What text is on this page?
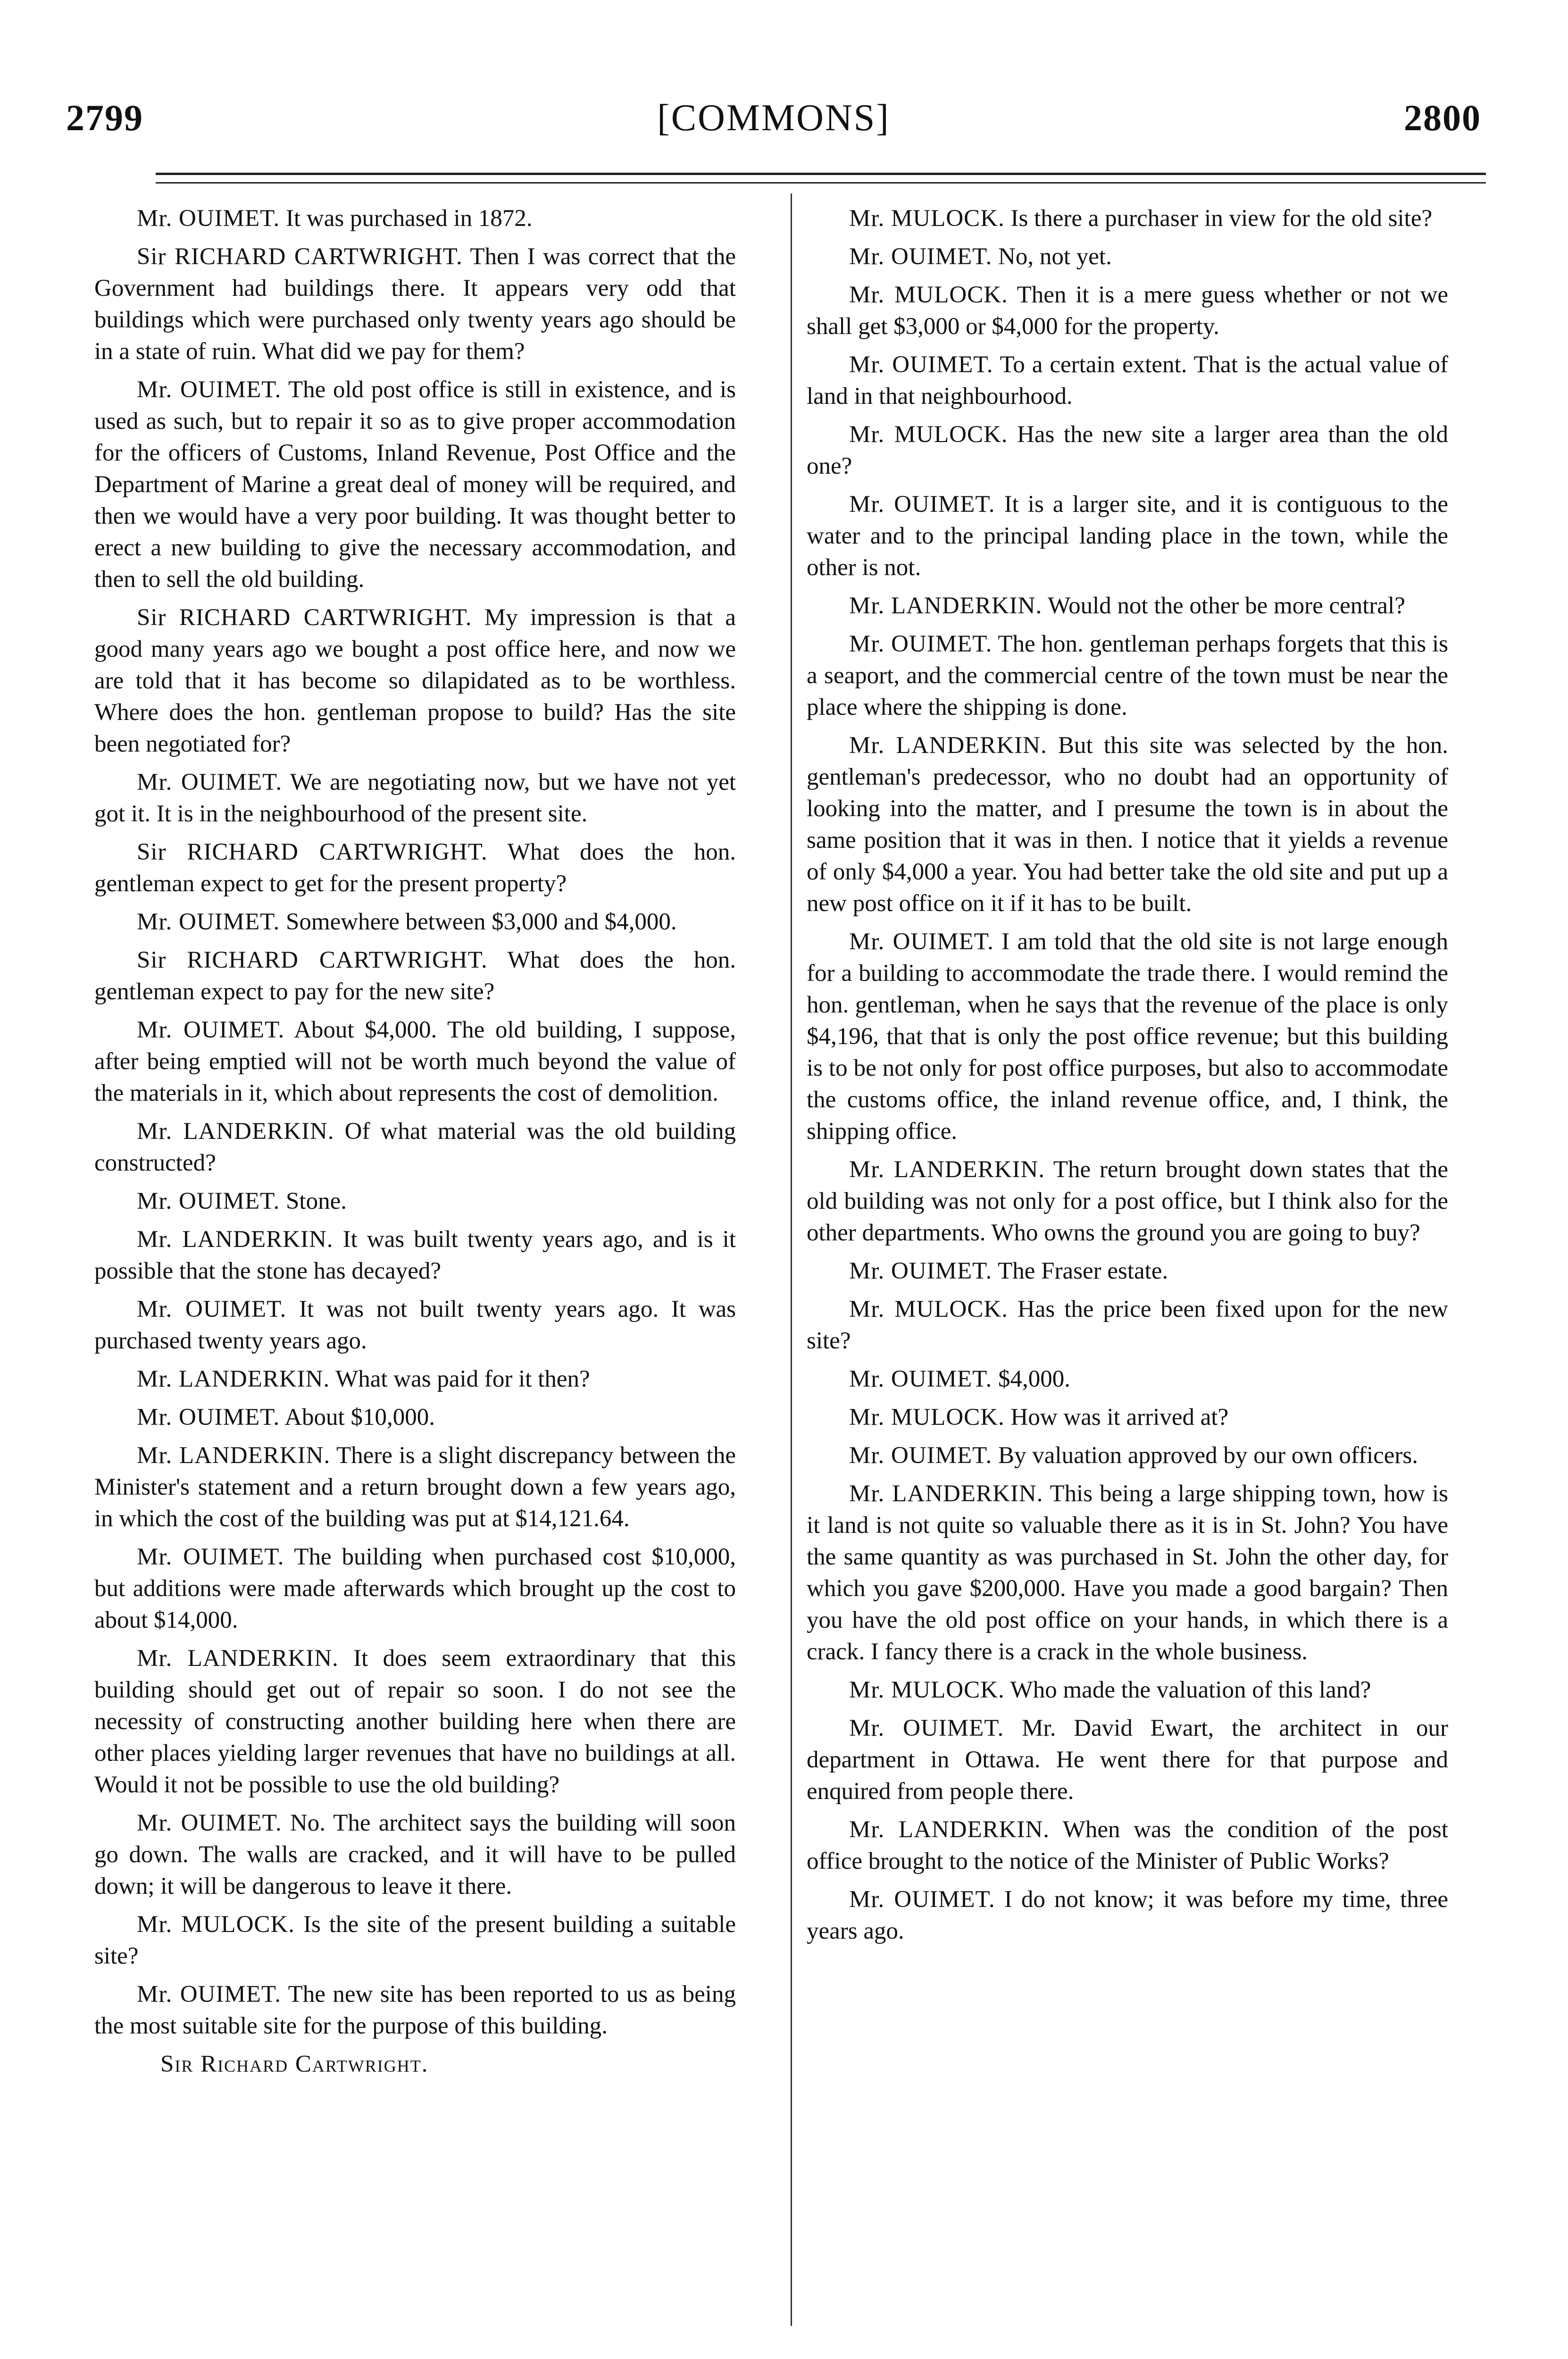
[COMMONS]
2799	2800

Mr. OUIMET. It was purchased in 1872.

Sir RICHARD CARTWRIGHT. Then I was correct that the Government had buildings there. It appears very odd that buildings which were purchased only twenty years ago should be in a state of ruin. What did we pay for them?

Mr. OUIMET. The old post office is still in existence, and is used as such, but to repair it so as to give proper accommodation for the officers of Customs, Inland Revenue, Post Office and the Department of Marine a great deal of money will be required, and then we would have a very poor building. It was thought better to erect a new building to give the necessary accommodation, and then to sell the old building.

Sir RICHARD CARTWRIGHT. My impression is that a good many years ago we bought a post office here, and now we are told that it has become so dilapidated as to be worthless. Where does the hon. gentleman propose to build? Has the site been negotiated for?

Mr. OUIMET. We are negotiating now, but we have not yet got it. It is in the neighbourhood of the present site.

Sir RICHARD CARTWRIGHT. What does the hon. gentleman expect to get for the present property?

Mr. OUIMET. Somewhere between $3,000 and $4,000.

Sir RICHARD CARTWRIGHT. What does the hon. gentleman expect to pay for the new site?

Mr. OUIMET. About $4,000. The old building, I suppose, after being emptied will not be worth much beyond the value of the materials in it, which about represents the cost of demolition.

Mr. LANDERKIN. Of what material was the old building constructed?

Mr. OUIMET. Stone.

Mr. LANDERKIN. It was built twenty years ago, and is it possible that the stone has decayed?

Mr. OUIMET. It was not built twenty years ago. It was purchased twenty years ago.

Mr. LANDERKIN. What was paid for it then?

Mr. OUIMET. About $10,000.

Mr. LANDERKIN. There is a slight discrepancy between the Minister's statement and a return brought down a few years ago, in which the cost of the building was put at $14,121.64.

Mr. OUIMET. The building when purchased cost $10,000, but additions were made afterwards which brought up the cost to about $14,000.

Mr. LANDERKIN. It does seem extraordinary that this building should get out of repair so soon. I do not see the necessity of constructing another building here when there are other places yielding larger revenues that have no buildings at all. Would it not be possible to use the old building?

Mr. OUIMET. No. The architect says the building will soon go down. The walls are cracked, and it will have to be pulled down; it will be dangerous to leave it there.

Mr. MULOCK. Is the site of the present building a suitable site?

Mr. OUIMET. The new site has been reported to us as being the most suitable site for the purpose of this building.

Sir Richard Cartwright.

Mr. MULOCK. Is there a purchaser in view for the old site?

Mr. OUIMET. No, not yet.

Mr. MULOCK. Then it is a mere guess whether or not we shall get $3,000 or $4,000 for the property.

Mr. OUIMET. To a certain extent. That is the actual value of land in that neighbourhood.

Mr. MULOCK. Has the new site a larger area than the old one?

Mr. OUIMET. It is a larger site, and it is contiguous to the water and to the principal landing place in the town, while the other is not.

Mr. LANDERKIN. Would not the other be more central?

Mr. OUIMET. The hon. gentleman perhaps forgets that this is a seaport, and the commercial centre of the town must be near the place where the shipping is done.

Mr. LANDERKIN. But this site was selected by the hon. gentleman's predecessor, who no doubt had an opportunity of looking into the matter, and I presume the town is in about the same position that it was in then. I notice that it yields a revenue of only $4,000 a year. You had better take the old site and put up a new post office on it if it has to be built.

Mr. OUIMET. I am told that the old site is not large enough for a building to accommodate the trade there. I would remind the hon. gentleman, when he says that the revenue of the place is only $4,196, that that is only the post office revenue; but this building is to be not only for post office purposes, but also to accommodate the customs office, the inland revenue office, and, I think, the shipping office.

Mr. LANDERKIN. The return brought down states that the old building was not only for a post office, but I think also for the other departments. Who owns the ground you are going to buy?

Mr. OUIMET. The Fraser estate.

Mr. MULOCK. Has the price been fixed upon for the new site?

Mr. OUIMET. $4,000.

Mr. MULOCK. How was it arrived at?

Mr. OUIMET. By valuation approved by our own officers.

Mr. LANDERKIN. This being a large shipping town, how is it land is not quite so valuable there as it is in St. John? You have the same quantity as was purchased in St. John the other day, for which you gave $200,000. Have you made a good bargain? Then you have the old post office on your hands, in which there is a crack. I fancy there is a crack in the whole business.

Mr. MULOCK. Who made the valuation of this land?

Mr. OUIMET. Mr. David Ewart, the architect in our department in Ottawa. He went there for that purpose and enquired from people there.

Mr. LANDERKIN. When was the condition of the post office brought to the notice of the Minister of Public Works?

Mr. OUIMET. I do not know; it was before my time, three years ago.
